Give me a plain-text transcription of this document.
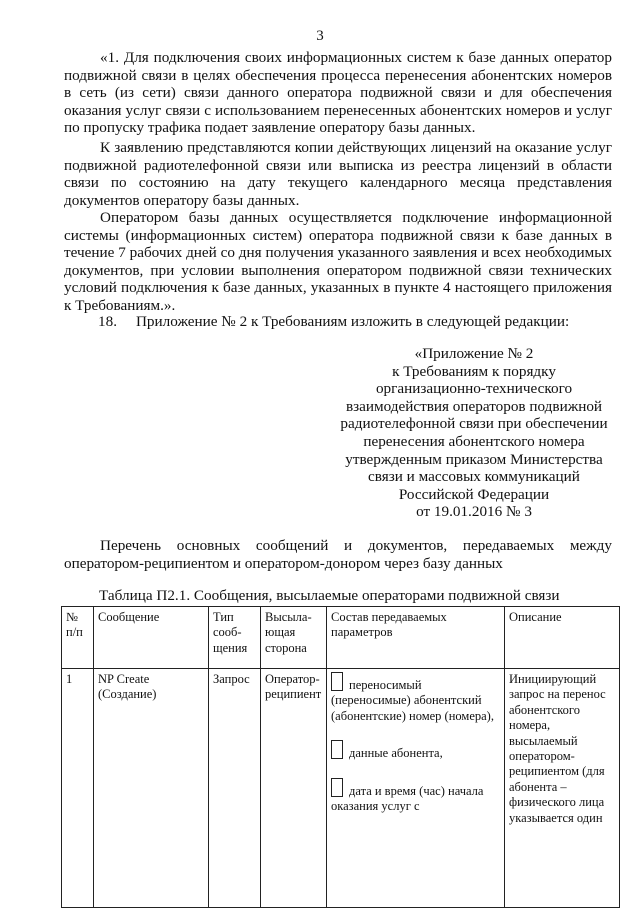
3

«1. Для подключения своих информационных систем к базе данных оператор подвижной связи в целях обеспечения процесса перенесения абонентских номеров в сеть (из сети) связи данного оператора подвижной связи и для обеспечения оказания услуг связи с использованием перенесенных абонентских номеров и услуг по пропуску трафика подает заявление оператору базы данных.

К заявлению представляются копии действующих лицензий на оказание услуг подвижной радиотелефонной связи или выписка из реестра лицензий в области связи по состоянию на дату текущего календарного месяца представления документов оператору базы данных.

Оператором базы данных осуществляется подключение информационной системы (информационных систем) оператора подвижной связи к базе данных в течение 7 рабочих дней со дня получения указанного заявления и всех необходимых документов, при условии выполнения оператором подвижной связи технических условий подключения к базе данных, указанных в пункте 4 настоящего приложения к Требованиям.».

18.     Приложение № 2 к Требованиям изложить в следующей редакции:

«Приложение № 2
к Требованиям к порядку
организационно-технического
взаимодействия операторов подвижной
радиотелефонной связи при обеспечении
перенесения абонентского номера
утвержденным приказом Министерства
связи и массовых коммуникаций
Российской Федерации
от 19.01.2016 № 3

Перечень основных сообщений и документов, передаваемых между оператором-реципиентом и оператором-донором через базу данных

Таблица П2.1. Сообщения, высылаемые операторами подвижной связи
№ п/п	Сообщение	Тип сооб-щения	Высыла-ющая сторона	Состав передаваемых параметров	Описание
1	NP Create (Создание)	Запрос	Оператор-реципиент	переносимый (переносимые) абонентский (абонентские) номер (номера),
данные абонента,
дата и время (час) начала оказания услуг с	Инициирующий запрос на перенос абонентского номера, высылаемый оператором-реципиентом (для абонента – физического лица указывается один
